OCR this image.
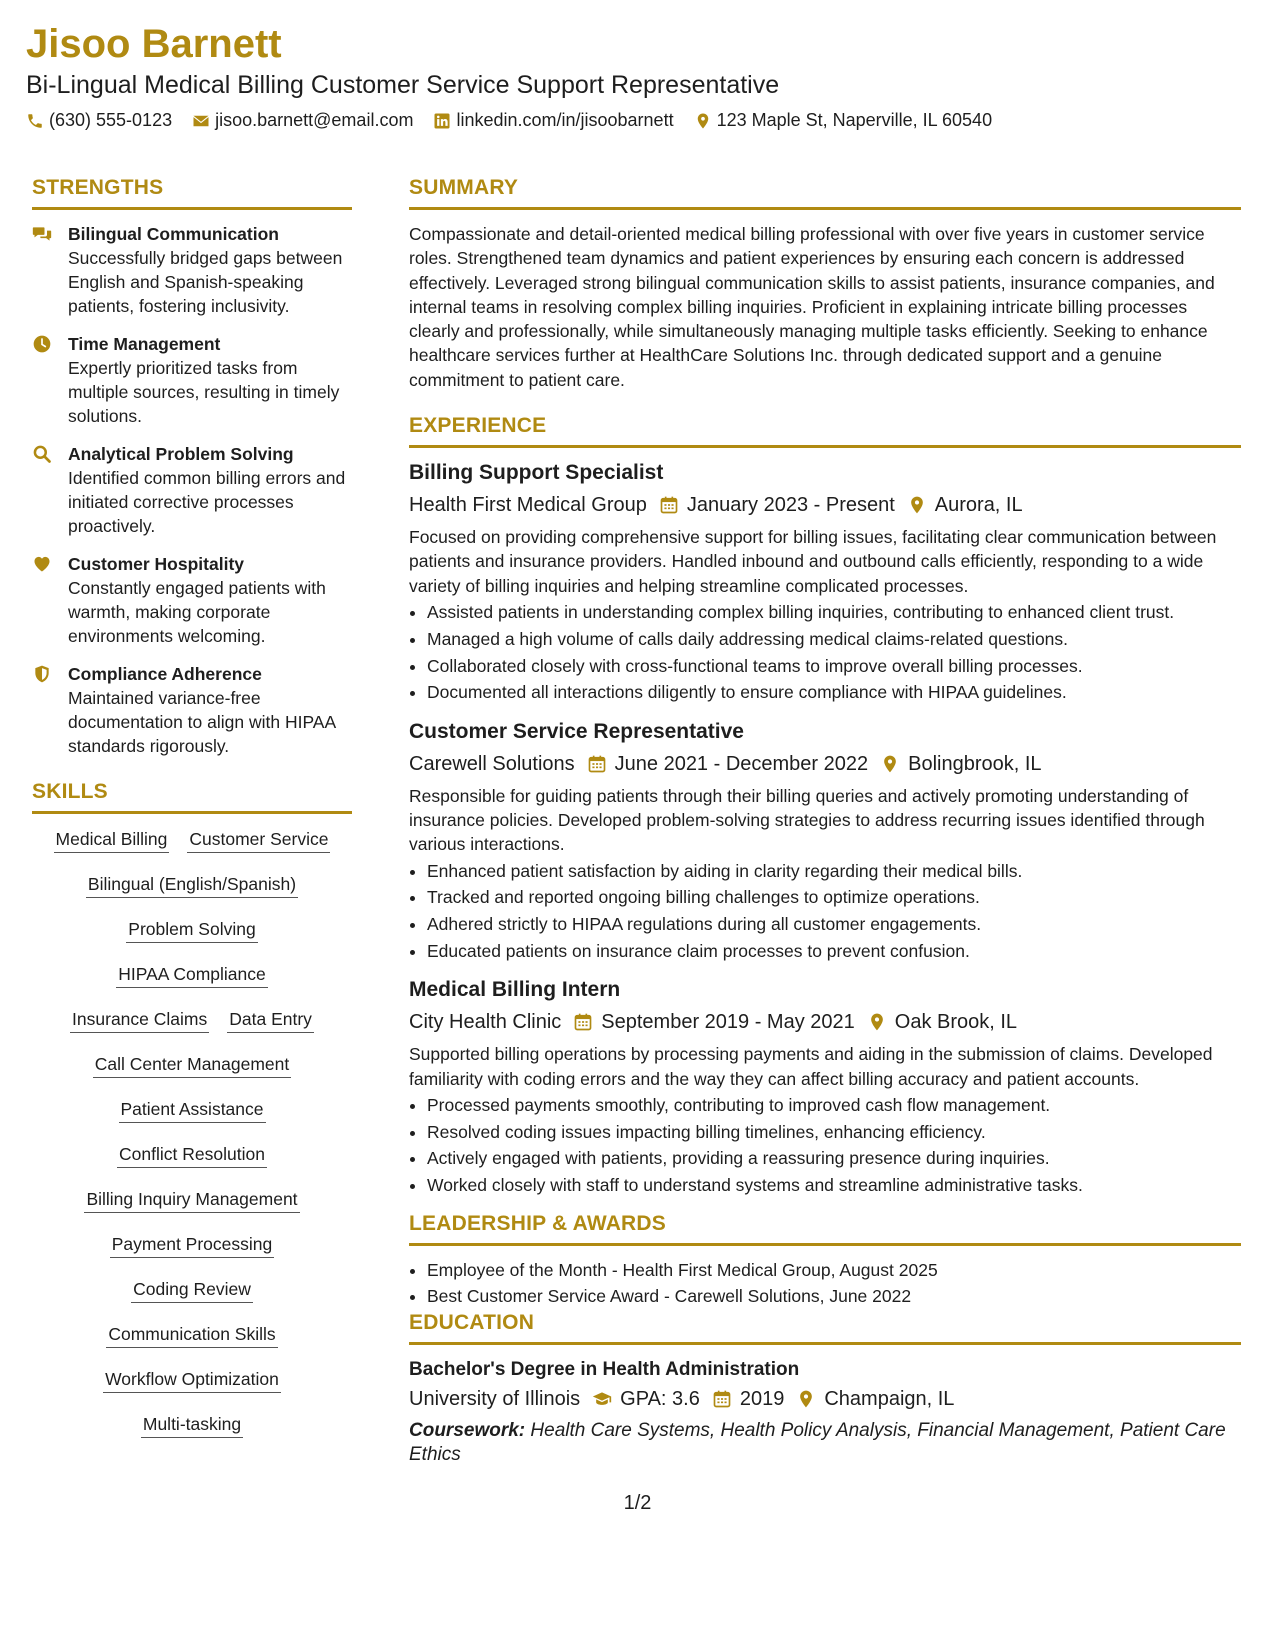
Jisoo Barnett
Bi-Lingual Medical Billing Customer Service Support Representative
(630) 555-0123 jisoo.barnett@email.com linkedin.com/in/jisoobarnett 123 Maple St, Naperville, IL 60540
STRENGTHS
Bilingual Communication
Successfully bridged gaps between English and Spanish-speaking patients, fostering inclusivity.
Time Management
Expertly prioritized tasks from multiple sources, resulting in timely solutions.
Analytical Problem Solving
Identified common billing errors and initiated corrective processes proactively.
Customer Hospitality
Constantly engaged patients with warmth, making corporate environments welcoming.
Compliance Adherence
Maintained variance-free documentation to align with HIPAA standards rigorously.
SKILLS
Medical Billing Customer Service
Bilingual (English/Spanish)
Problem Solving
HIPAA Compliance
Insurance Claims Data Entry
Call Center Management
Patient Assistance
Conflict Resolution
Billing Inquiry Management
Payment Processing
Coding Review
Communication Skills
Workflow Optimization
Multi-tasking
SUMMARY
Compassionate and detail-oriented medical billing professional with over five years in customer service roles. Strengthened team dynamics and patient experiences by ensuring each concern is addressed effectively. Leveraged strong bilingual communication skills to assist patients, insurance companies, and internal teams in resolving complex billing inquiries. Proficient in explaining intricate billing processes clearly and professionally, while simultaneously managing multiple tasks efficiently. Seeking to enhance healthcare services further at HealthCare Solutions Inc. through dedicated support and a genuine commitment to patient care.
EXPERIENCE
Billing Support Specialist
Health First Medical Group January 2023 - Present Aurora, IL
Focused on providing comprehensive support for billing issues, facilitating clear communication between patients and insurance providers. Handled inbound and outbound calls efficiently, responding to a wide variety of billing inquiries and helping streamline complicated processes.
• Assisted patients in understanding complex billing inquiries, contributing to enhanced client trust.
• Managed a high volume of calls daily addressing medical claims-related questions.
• Collaborated closely with cross-functional teams to improve overall billing processes.
• Documented all interactions diligently to ensure compliance with HIPAA guidelines.
Customer Service Representative
Carewell Solutions June 2021 - December 2022 Bolingbrook, IL
Responsible for guiding patients through their billing queries and actively promoting understanding of insurance policies. Developed problem-solving strategies to address recurring issues identified through various interactions.
• Enhanced patient satisfaction by aiding in clarity regarding their medical bills.
• Tracked and reported ongoing billing challenges to optimize operations.
• Adhered strictly to HIPAA regulations during all customer engagements.
• Educated patients on insurance claim processes to prevent confusion.
Medical Billing Intern
City Health Clinic September 2019 - May 2021 Oak Brook, IL
Supported billing operations by processing payments and aiding in the submission of claims. Developed familiarity with coding errors and the way they can affect billing accuracy and patient accounts.
• Processed payments smoothly, contributing to improved cash flow management.
• Resolved coding issues impacting billing timelines, enhancing efficiency.
• Actively engaged with patients, providing a reassuring presence during inquiries.
• Worked closely with staff to understand systems and streamline administrative tasks.
LEADERSHIP & AWARDS
• Employee of the Month - Health First Medical Group, August 2025
• Best Customer Service Award - Carewell Solutions, June 2022
EDUCATION
Bachelor's Degree in Health Administration
University of Illinois GPA: 3.6 2019 Champaign, IL
Coursework: Health Care Systems, Health Policy Analysis, Financial Management, Patient Care Ethics
1/2
